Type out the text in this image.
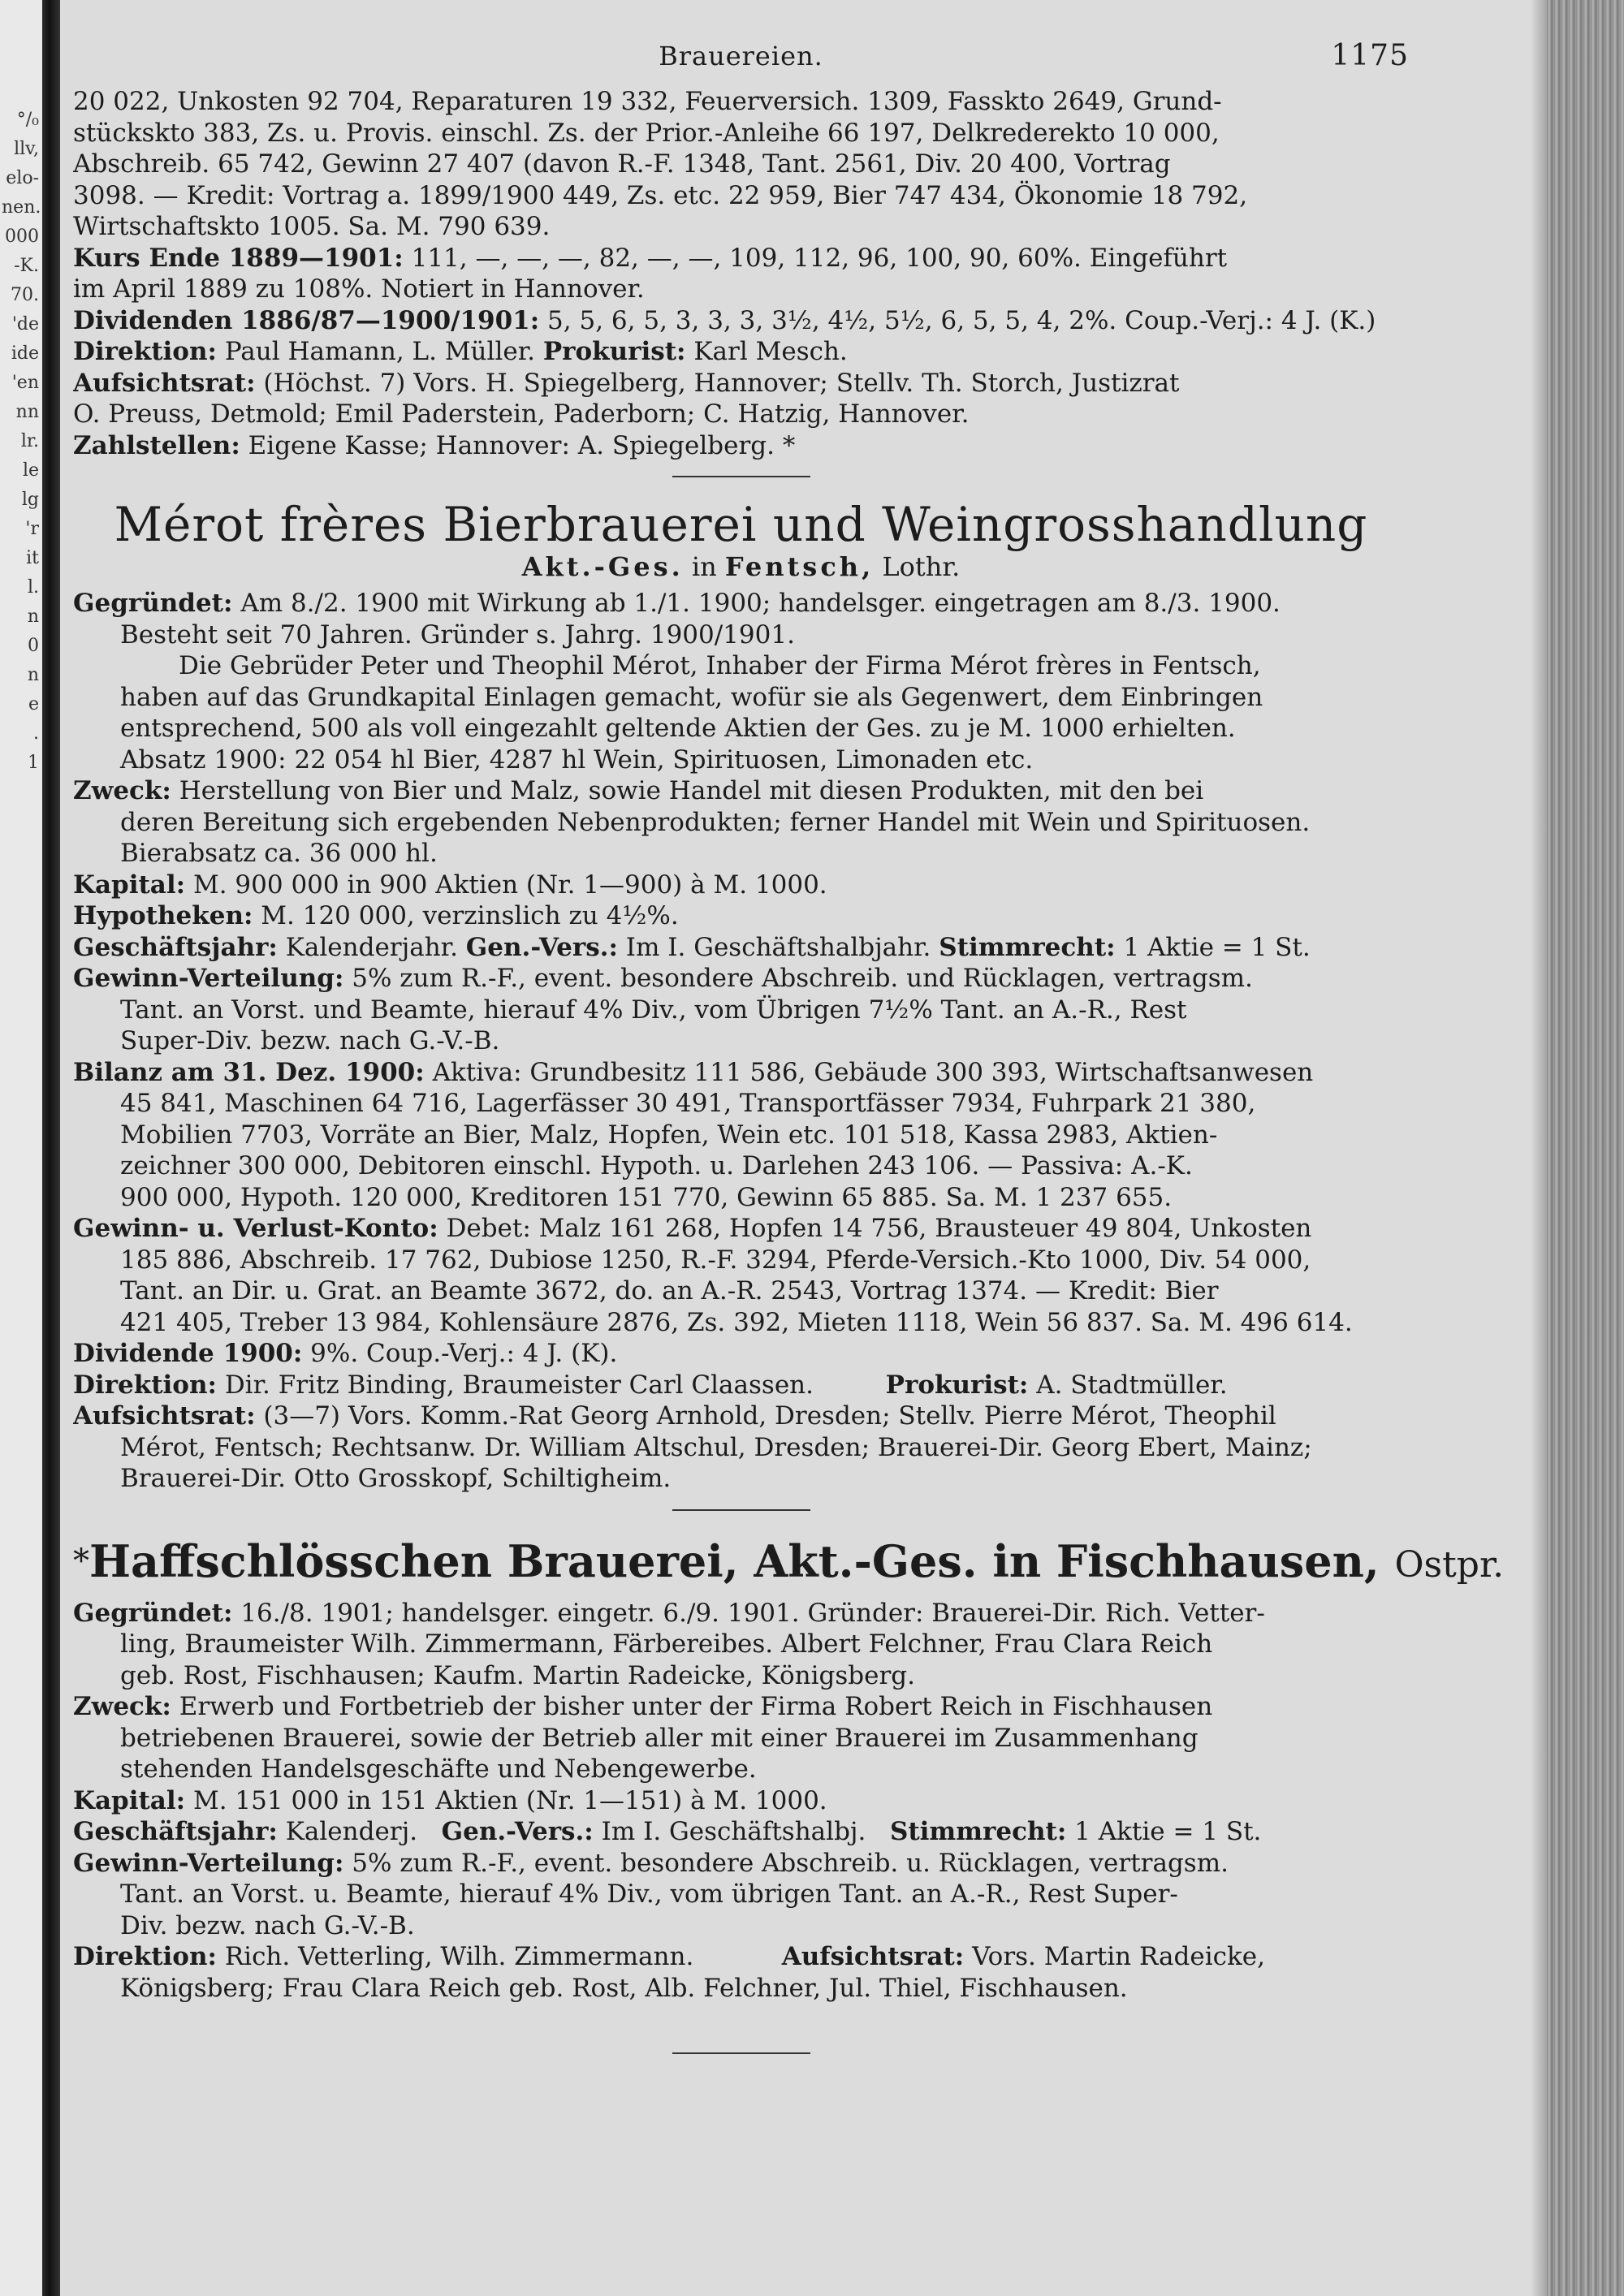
°/₀
llv,
elo-
nen.
000
-K.
70.
'de
ide
'en
nn
lr.
le
lg
'r
it
l.
n
0
n
e
.
1
Brauereien.	1175
20 022, Unkosten 92 704, Reparaturen 19 332, Feuerversich. 1309, Fasskto 2649, Grund-
stückskto 383, Zs. u. Provis. einschl. Zs. der Prior.-Anleihe 66 197, Delkrederekto 10 000,
Abschreib. 65 742, Gewinn 27 407 (davon R.-F. 1348, Tant. 2561, Div. 20 400, Vortrag
3098. — Kredit: Vortrag a. 1899/1900 449, Zs. etc. 22 959, Bier 747 434, Ökonomie 18 792,
Wirtschaftskto 1005. Sa. M. 790 639.
Kurs Ende 1889—1901: 111, —, —, —, 82, —, —, 109, 112, 96, 100, 90, 60%. Eingeführt
im April 1889 zu 108%. Notiert in Hannover.
Dividenden 1886/87—1900/1901: 5, 5, 6, 5, 3, 3, 3, 3½, 4½, 5½, 6, 5, 5, 4, 2%. Coup.-Verj.: 4 J. (K.)
Direktion: Paul Hamann, L. Müller. Prokurist: Karl Mesch.
Aufsichtsrat: (Höchst. 7) Vors. H. Spiegelberg, Hannover; Stellv. Th. Storch, Justizrat
O. Preuss, Detmold; Emil Paderstein, Paderborn; C. Hatzig, Hannover.
Zahlstellen: Eigene Kasse; Hannover: A. Spiegelberg. *
Mérot frères Bierbrauerei und Weingrosshandlung
Akt.-Ges. in Fentsch, Lothr.
Gegründet: Am 8./2. 1900 mit Wirkung ab 1./1. 1900; handelsger. eingetragen am 8./3. 1900.
Besteht seit 70 Jahren. Gründer s. Jahrg. 1900/1901.
Die Gebrüder Peter und Theophil Mérot, Inhaber der Firma Mérot frères in Fentsch,
haben auf das Grundkapital Einlagen gemacht, wofür sie als Gegenwert, dem Einbringen
entsprechend, 500 als voll eingezahlt geltende Aktien der Ges. zu je M. 1000 erhielten.
Absatz 1900: 22 054 hl Bier, 4287 hl Wein, Spirituosen, Limonaden etc.
Zweck: Herstellung von Bier und Malz, sowie Handel mit diesen Produkten, mit den bei
deren Bereitung sich ergebenden Nebenprodukten; ferner Handel mit Wein und Spirituosen.
Bierabsatz ca. 36 000 hl.
Kapital: M. 900 000 in 900 Aktien (Nr. 1—900) à M. 1000.
Hypotheken: M. 120 000, verzinslich zu 4½%.
Geschäftsjahr: Kalenderjahr. Gen.-Vers.: Im I. Geschäftshalbjahr. Stimmrecht: 1 Aktie = 1 St.
Gewinn-Verteilung: 5% zum R.-F., event. besondere Abschreib. und Rücklagen, vertragsm.
Tant. an Vorst. und Beamte, hierauf 4% Div., vom Übrigen 7½% Tant. an A.-R., Rest
Super-Div. bezw. nach G.-V.-B.
Bilanz am 31. Dez. 1900: Aktiva: Grundbesitz 111 586, Gebäude 300 393, Wirtschaftsanwesen
45 841, Maschinen 64 716, Lagerfässer 30 491, Transportfässer 7934, Fuhrpark 21 380,
Mobilien 7703, Vorräte an Bier, Malz, Hopfen, Wein etc. 101 518, Kassa 2983, Aktien-
zeichner 300 000, Debitoren einschl. Hypoth. u. Darlehen 243 106. — Passiva: A.-K.
900 000, Hypoth. 120 000, Kreditoren 151 770, Gewinn 65 885. Sa. M. 1 237 655.
Gewinn- u. Verlust-Konto: Debet: Malz 161 268, Hopfen 14 756, Brausteuer 49 804, Unkosten
185 886, Abschreib. 17 762, Dubiose 1250, R.-F. 3294, Pferde-Versich.-Kto 1000, Div. 54 000,
Tant. an Dir. u. Grat. an Beamte 3672, do. an A.-R. 2543, Vortrag 1374. — Kredit: Bier
421 405, Treber 13 984, Kohlensäure 2876, Zs. 392, Mieten 1118, Wein 56 837. Sa. M. 496 614.
Dividende 1900: 9%. Coup.-Verj.: 4 J. (K).
Direktion: Dir. Fritz Binding, Braumeister Carl Claassen.	Prokurist: A. Stadtmüller.
Aufsichtsrat: (3—7) Vors. Komm.-Rat Georg Arnhold, Dresden; Stellv. Pierre Mérot, Theophil
Mérot, Fentsch; Rechtsanw. Dr. William Altschul, Dresden; Brauerei-Dir. Georg Ebert, Mainz;
Brauerei-Dir. Otto Grosskopf, Schiltigheim.
*Haffschlösschen Brauerei, Akt.-Ges. in Fischhausen, Ostpr.
Gegründet: 16./8. 1901; handelsger. eingetr. 6./9. 1901. Gründer: Brauerei-Dir. Rich. Vetter-
ling, Braumeister Wilh. Zimmermann, Färbereibes. Albert Felchner, Frau Clara Reich
geb. Rost, Fischhausen; Kaufm. Martin Radeicke, Königsberg.
Zweck: Erwerb und Fortbetrieb der bisher unter der Firma Robert Reich in Fischhausen
betriebenen Brauerei, sowie der Betrieb aller mit einer Brauerei im Zusammenhang
stehenden Handelsgeschäfte und Nebengewerbe.
Kapital: M. 151 000 in 151 Aktien (Nr. 1—151) à M. 1000.
Geschäftsjahr: Kalenderj. Gen.-Vers.: Im I. Geschäftshalbj. Stimmrecht: 1 Aktie = 1 St.
Gewinn-Verteilung: 5% zum R.-F., event. besondere Abschreib. u. Rücklagen, vertragsm.
Tant. an Vorst. u. Beamte, hierauf 4% Div., vom übrigen Tant. an A.-R., Rest Super-
Div. bezw. nach G.-V.-B.
Direktion: Rich. Vetterling, Wilh. Zimmermann.	Aufsichtsrat: Vors. Martin Radeicke,
Königsberg; Frau Clara Reich geb. Rost, Alb. Felchner, Jul. Thiel, Fischhausen.
